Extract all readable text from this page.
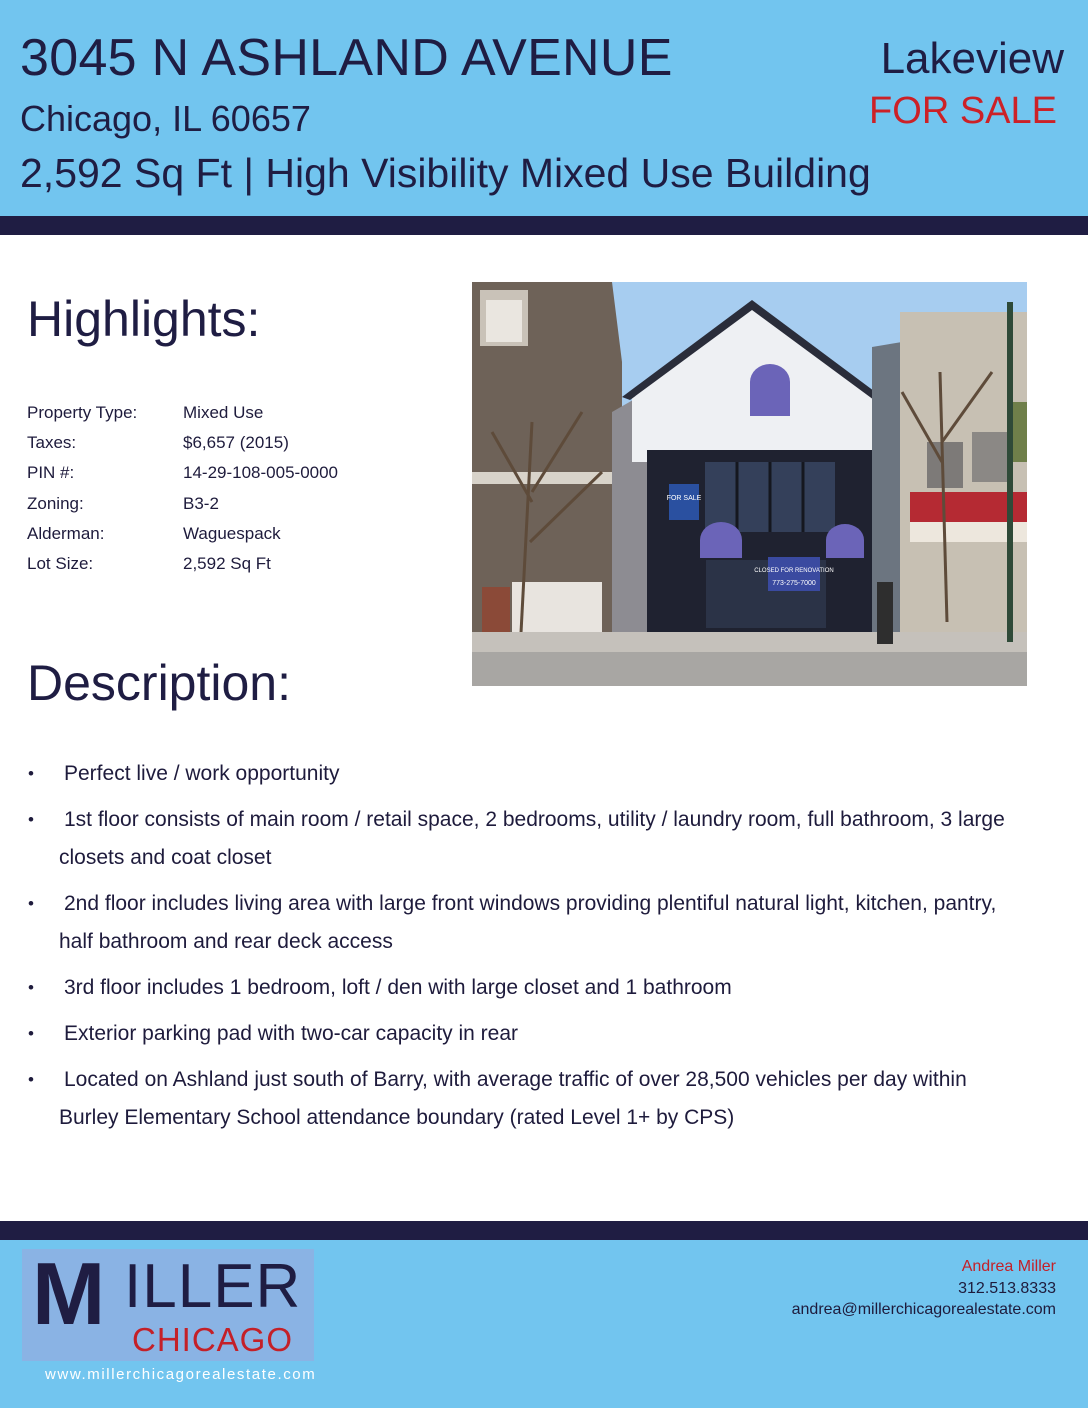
3045 N ASHLAND AVENUE
Chicago, IL 60657
2,592 Sq Ft | High Visibility Mixed Use Building
Lakeview
FOR SALE
Highlights:
Property Type:	Mixed Use
Taxes:	$6,657 (2015)
PIN #:	14-29-108-005-0000
Zoning:	B3-2
Alderman:	Waguespack
Lot Size:	2,592 Sq Ft
FOR SALE
CLOSED FOR RENOVATION
773-275-7000
Description:
• Perfect live / work opportunity
• 1st floor consists of main room / retail space, 2 bedrooms, utility / laundry room, full bathroom, 3 large closets and coat closet
• 2nd floor includes living area with large front windows providing plentiful natural light, kitchen, pantry, half bathroom and rear deck access
• 3rd floor includes 1 bedroom, loft / den with large closet and 1 bathroom
• Exterior parking pad with two-car capacity in rear
• Located on Ashland just south of Barry, with average traffic of over 28,500 vehicles per day within Burley Elementary School attendance boundary (rated Level 1+ by CPS)
M ILLER
CHICAGO
www.millerchicagorealestate.com
Andrea Miller
312.513.8333
andrea@millerchicagorealestate.com
